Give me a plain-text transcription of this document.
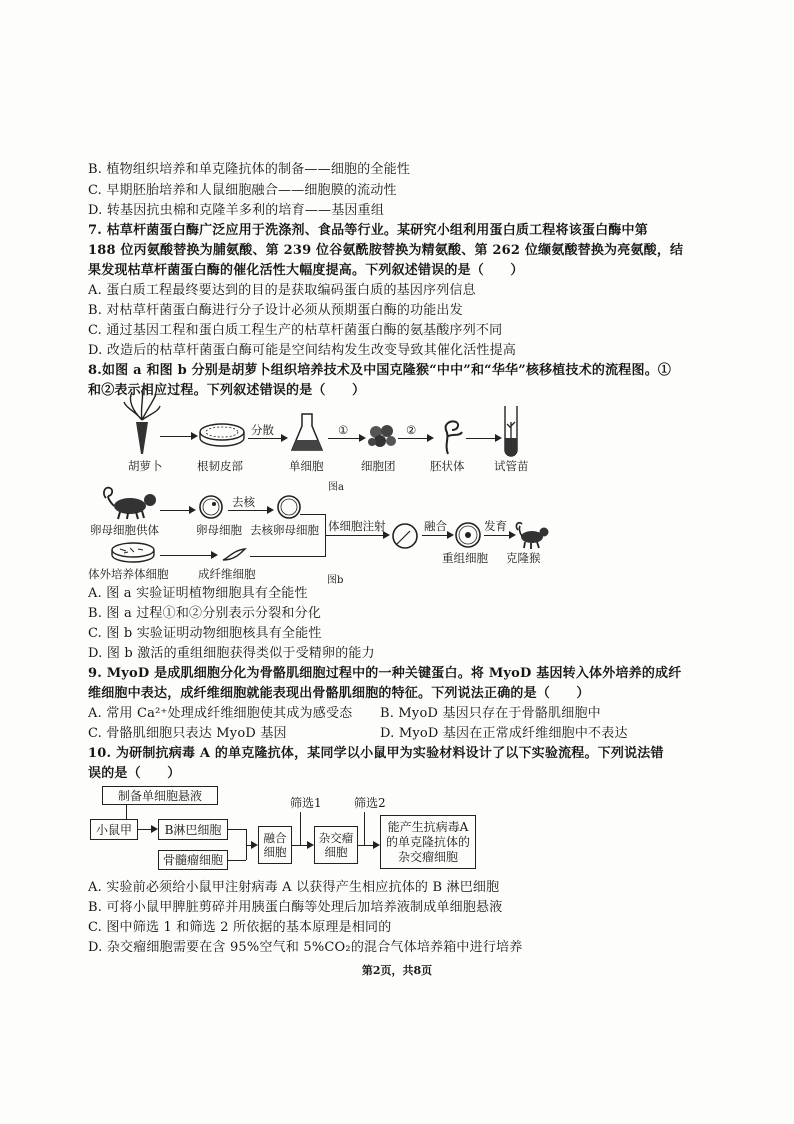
B. 植物组织培养和单克隆抗体的制备——细胞的全能性
C. 早期胚胎培养和人鼠细胞融合——细胞膜的流动性
D. 转基因抗虫棉和克隆羊多利的培育——基因重组
7. 枯草杆菌蛋白酶广泛应用于洗涤剂、食品等行业。某研究小组利用蛋白质工程将该蛋白酶中第
188 位丙氨酸替换为脯氨酸、第 239 位谷氨酰胺替换为精氨酸、第 262 位缬氨酸替换为亮氨酸，结
果发现枯草杆菌蛋白酶的催化活性大幅度提高。下列叙述错误的是（　　）
A. 蛋白质工程最终要达到的目的是获取编码蛋白质的基因序列信息
B. 对枯草杆菌蛋白酶进行分子设计必须从预期蛋白酶的功能出发
C. 通过基因工程和蛋白质工程生产的枯草杆菌蛋白酶的氨基酸序列不同
D. 改造后的枯草杆菌蛋白酶可能是空间结构发生改变导致其催化活性提高
8.如图 a 和图 b 分别是胡萝卜组织培养技术及中国克隆猴“中中”和“华华”核移植技术的流程图。①
和②表示相应过程。下列叙述错误的是（　　）
分散	①	②
胡萝卜	根韧皮部	单细胞	细胞团	胚状体	试管苗
图a
去核
卵母细胞供体	卵母细胞 去核卵母细胞 体细胞注射	融合	发育
体外培养体细胞	成纤维细胞
重组细胞 克隆猴
图b
A. 图 a 实验证明植物细胞具有全能性
B. 图 a 过程①和②分别表示分裂和分化
C. 图 b 实验证明动物细胞核具有全能性
D. 图 b 激活的重组细胞获得类似于受精卵的能力
9. MyoD 是成肌细胞分化为骨骼肌细胞过程中的一种关键蛋白。将 MyoD 基因转入体外培养的成纤
维细胞中表达，成纤维细胞就能表现出骨骼肌细胞的特征。下列说法正确的是（　　）
A. 常用 Ca²⁺处理成纤维细胞使其成为感受态 B. MyoD 基因只存在于骨骼肌细胞中
C. 骨骼肌细胞只表达 MyoD 基因	D. MyoD 基因在正常成纤维细胞中不表达
10. 为研制抗病毒 A 的单克隆抗体，某同学以小鼠甲为实验材料设计了以下实验流程。下列说法错
误的是（　　）
制备单细胞悬液
小鼠甲	B淋巴细胞
骨髓瘤细胞
融合细胞
筛选1
杂交瘤细胞
筛选2
能产生抗病毒A的单克隆抗体的杂交瘤细胞
A. 实验前必须给小鼠甲注射病毒 A 以获得产生相应抗体的 B 淋巴细胞
B. 可将小鼠甲脾脏剪碎并用胰蛋白酶等处理后加培养液制成单细胞悬液
C. 图中筛选 1 和筛选 2 所依据的基本原理是相同的
D. 杂交瘤细胞需要在含 95%空气和 5%CO₂的混合气体培养箱中进行培养
第2页，共8页
